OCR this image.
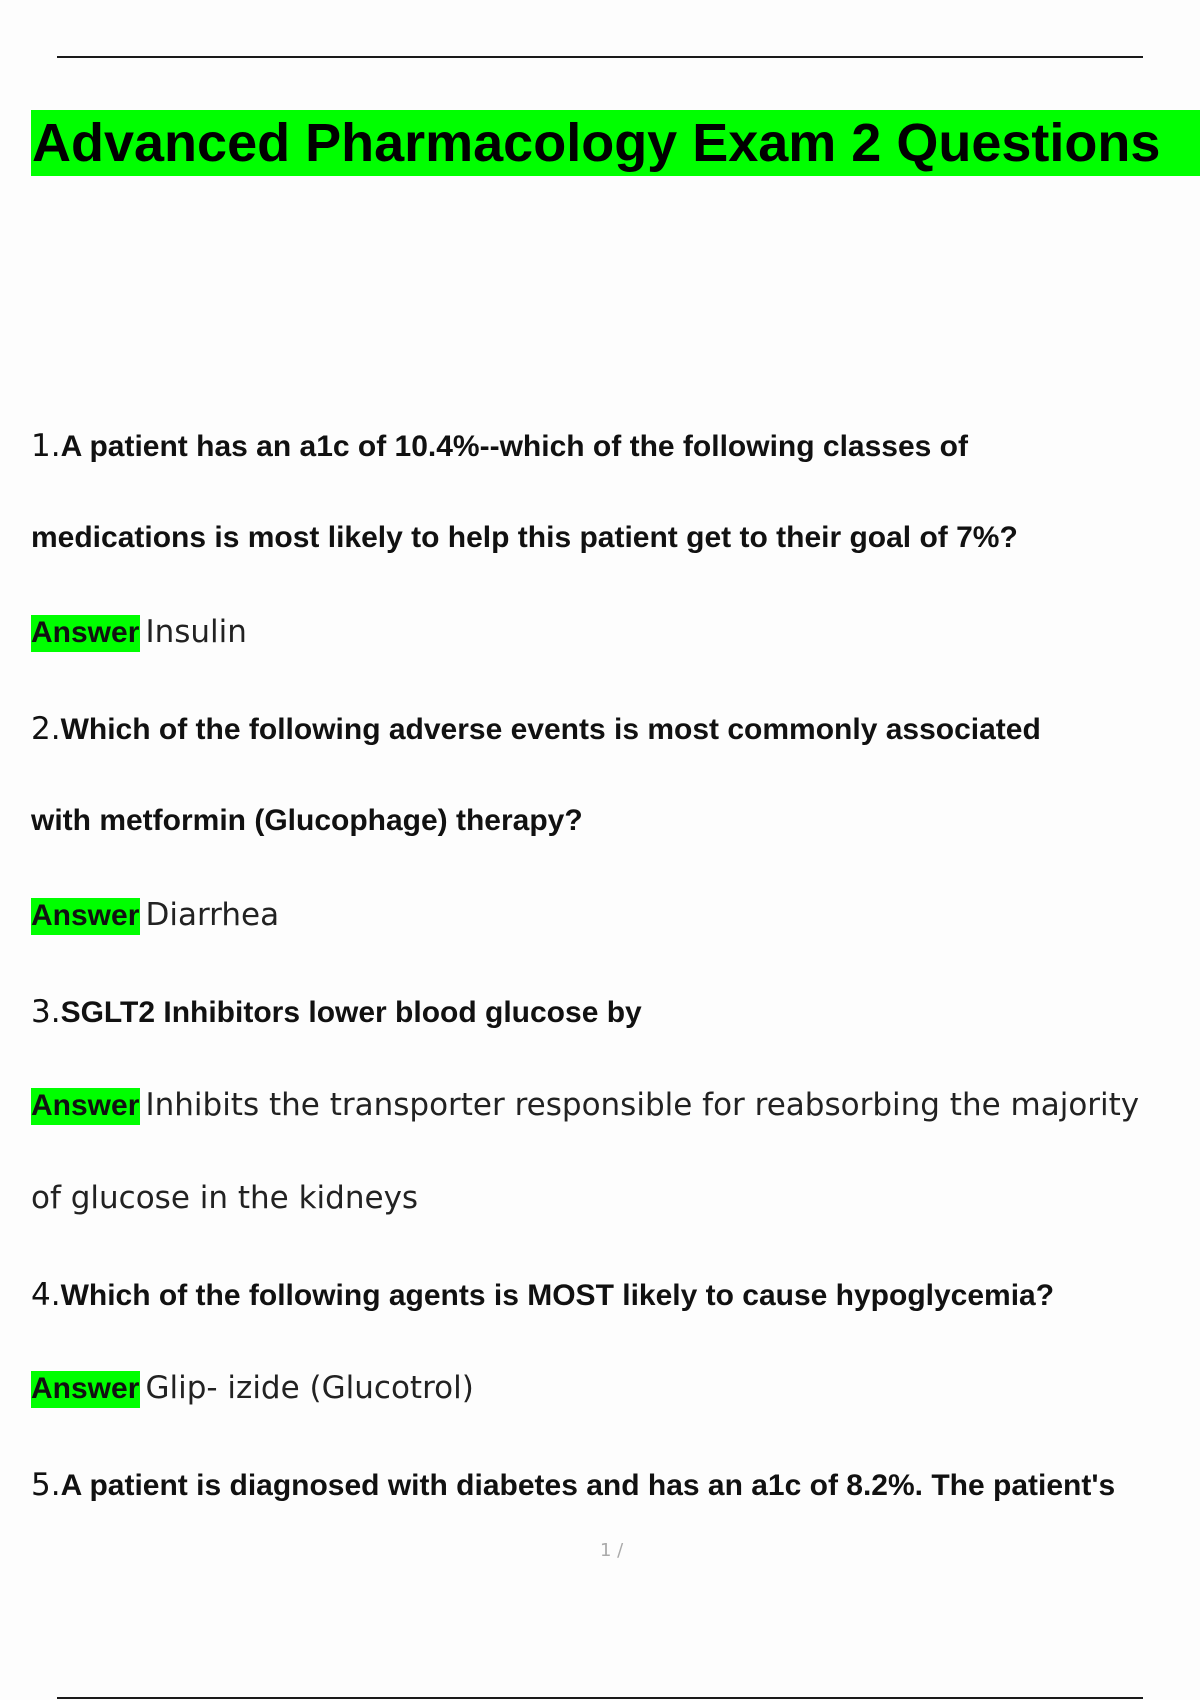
Advanced Pharmacology Exam 2 Questions
1.A patient has an a1c of 10.4%--which of the following classes of
medications is most likely to help this patient get to their goal of 7%?
Answer Insulin
2.Which of the following adverse events is most commonly associated
with metformin (Glucophage) therapy?
Answer Diarrhea
3.SGLT2 Inhibitors lower blood glucose by
Answer Inhibits the transporter responsible for reabsorbing the majority
of glucose in the kidneys
4.Which of the following agents is MOST likely to cause hypoglycemia?
Answer Glip- izide (Glucotrol)
5.A patient is diagnosed with diabetes and has an a1c of 8.2%. The patient's
1 /
